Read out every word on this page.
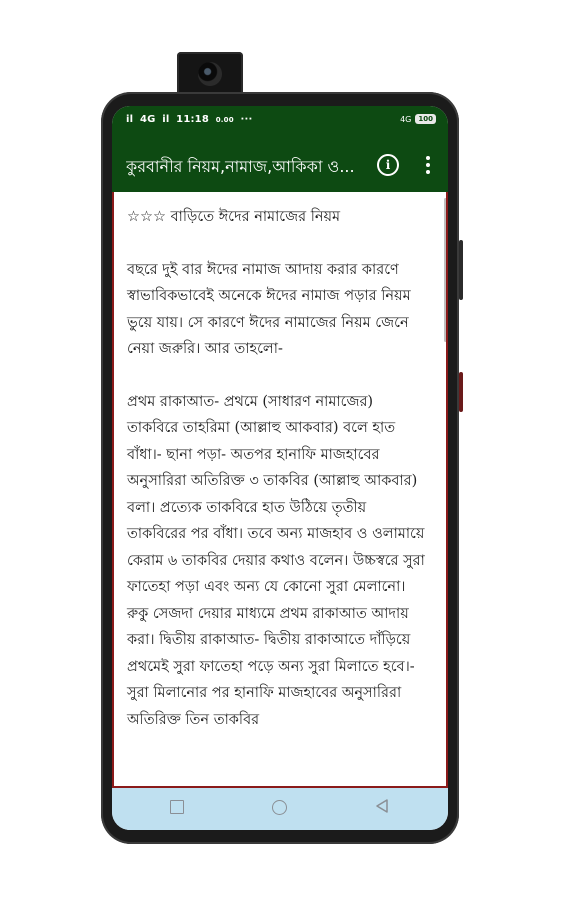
il 4G il 11:18 0.00 ···	4G	100
কুরবানীর নিয়ম,নামাজ,আকিকা ও...	i

☆☆☆ বাড়িতে ঈদের নামাজের নিয়ম

বছরে দুই বার ঈদের নামাজ আদায় করার কারণে স্বাভাবিকভাবেই অনেকে ঈদের নামাজ পড়ার নিয়ম ভুয়ে যায়। সে কারণে ঈদের নামাজের নিয়ম জেনে নেয়া জরুরি। আর তাহলো-

প্রথম রাকাআত- প্রথমে (সাধারণ নামাজের) তাকবিরে তাহরিমা (আল্লাহু আকবার) বলে হাত বাঁধা।- ছানা পড়া- অতপর হানাফি মাজহাবের অনুসারিরা অতিরিক্ত ৩ তাকবির (আল্লাহু আকবার) বলা। প্রত্যেক তাকবিরে হাত উঠিয়ে তৃতীয় তাকবিরের পর বাঁধা। তবে অন্য মাজহাব ও ওলামায়ে কেরাম ৬ তাকবির দেয়ার কথাও বলেন। উচ্চস্বরে সুরা ফাতেহা পড়া এবং অন্য যে কোনো সুরা মেলানো। রুকু সেজদা দেয়ার মাধ্যমে প্রথম রাকাআত আদায় করা। দ্বিতীয় রাকাআত- দ্বিতীয় রাকাআতে দাঁড়িয়ে প্রথমেই সুরা ফাতেহা পড়ে অন্য সুরা মিলাতে হবে।- সুরা মিলানোর পর হানাফি মাজহাবের অনুসারিরা অতিরিক্ত তিন তাকবির
